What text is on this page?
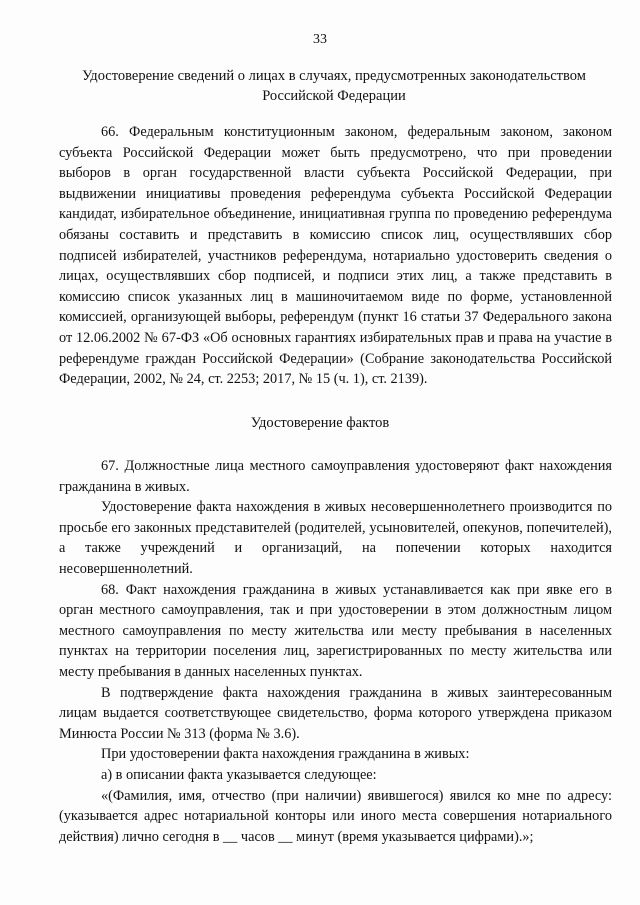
33
Удостоверение сведений о лицах в случаях, предусмотренных законодательством Российской Федерации

66. Федеральным конституционным законом, федеральным законом, законом субъекта Российской Федерации может быть предусмотрено, что при проведении выборов в орган государственной власти субъекта Российской Федерации, при выдвижении инициативы проведения референдума субъекта Российской Федерации кандидат, избирательное объединение, инициативная группа по проведению референдума обязаны составить и представить в комиссию список лиц, осуществлявших сбор подписей избирателей, участников референдума, нотариально удостоверить сведения о лицах, осуществлявших сбор подписей, и подписи этих лиц, а также представить в комиссию список указанных лиц в машиночитаемом виде по форме, установленной комиссией, организующей выборы, референдум (пункт 16 статьи 37 Федерального закона от 12.06.2002 № 67-ФЗ «Об основных гарантиях избирательных прав и права на участие в референдуме граждан Российской Федерации» (Собрание законодательства Российской Федерации, 2002, № 24, ст. 2253; 2017, № 15 (ч. 1), ст. 2139).

Удостоверение фактов

67. Должностные лица местного самоуправления удостоверяют факт нахождения гражданина в живых.

Удостоверение факта нахождения в живых несовершеннолетнего производится по просьбе его законных представителей (родителей, усыновителей, опекунов, попечителей), а также учреждений и организаций, на попечении которых находится несовершеннолетний.

68. Факт нахождения гражданина в живых устанавливается как при явке его в орган местного самоуправления, так и при удостоверении в этом должностным лицом местного самоуправления по месту жительства или месту пребывания в населенных пунктах на территории поселения лиц, зарегистрированных по месту жительства или месту пребывания в данных населенных пунктах.

В подтверждение факта нахождения гражданина в живых заинтересованным лицам выдается соответствующее свидетельство, форма которого утверждена приказом Минюста России № 313 (форма № 3.6).

При удостоверении факта нахождения гражданина в живых:

а) в описании факта указывается следующее:

«(Фамилия, имя, отчество (при наличии) явившегося) явился ко мне по адресу: (указывается адрес нотариальной конторы или иного места совершения нотариального действия) лично сегодня в __ часов __ минут (время указывается цифрами).»;
